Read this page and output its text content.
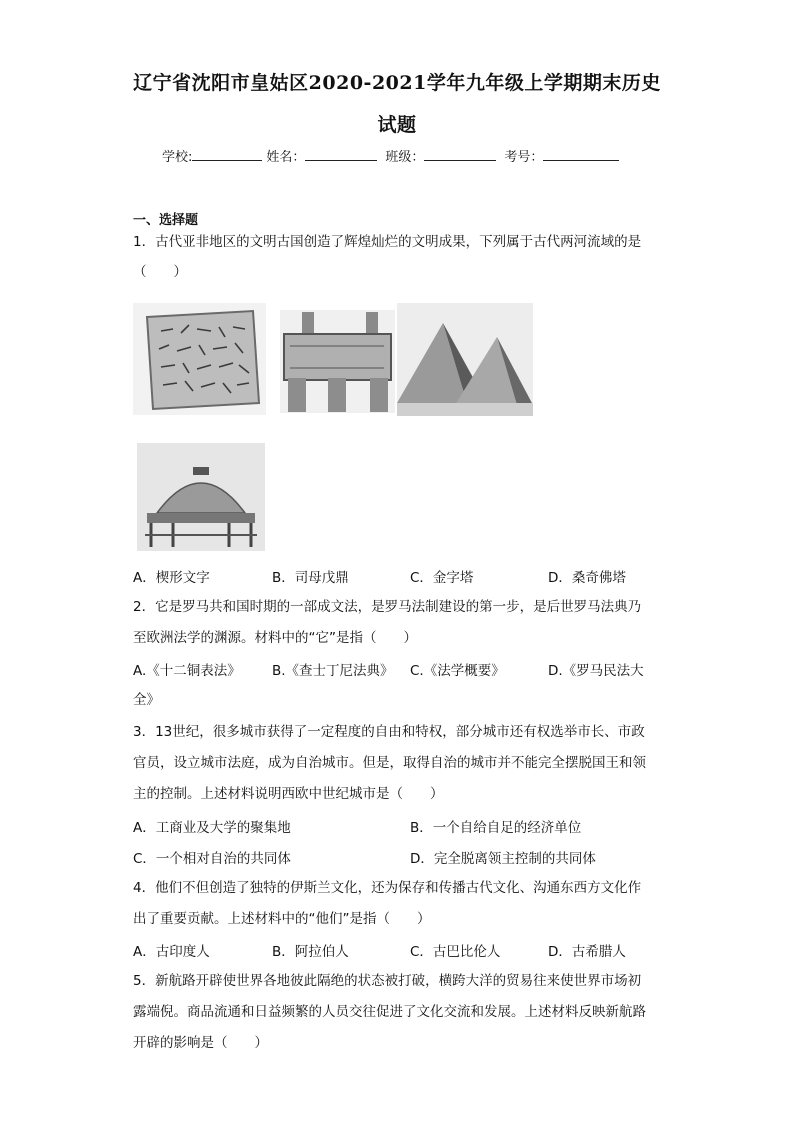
辽宁省沈阳市皇姑区2020-2021学年九年级上学期期末历史
试题
学校:	姓名：	班级：	考号：
一、选择题
1．古代亚非地区的文明古国创造了辉煌灿烂的文明成果，下列属于古代两河流域的是
（　　）
A．楔形文字	B．司母戊鼎	C．金字塔	D．桑奇佛塔
2．它是罗马共和国时期的一部成文法，是罗马法制建设的第一步，是后世罗马法典乃
至欧洲法学的渊源。材料中的“它”是指（　　）
A.《十二铜表法》 B.《查士丁尼法典》 C.《法学概要》	D.《罗马民法大
全》
3．13世纪，很多城市获得了一定程度的自由和特权，部分城市还有权选举市长、市政
官员，设立城市法庭，成为自治城市。但是，取得自治的城市并不能完全摆脱国王和领
主的控制。上述材料说明西欧中世纪城市是（　　）
A．工商业及大学的聚集地	B．一个自给自足的经济单位
C．一个相对自治的共同体	D．完全脱离领主控制的共同体
4．他们不但创造了独特的伊斯兰文化，还为保存和传播古代文化、沟通东西方文化作
出了重要贡献。上述材料中的“他们”是指（　　）
A．古印度人	B．阿拉伯人	C．古巴比伦人	D．古希腊人
5．新航路开辟使世界各地彼此隔绝的状态被打破，横跨大洋的贸易往来使世界市场初
露端倪。商品流通和日益频繁的人员交往促进了文化交流和发展。上述材料反映新航路
开辟的影响是（　　）
